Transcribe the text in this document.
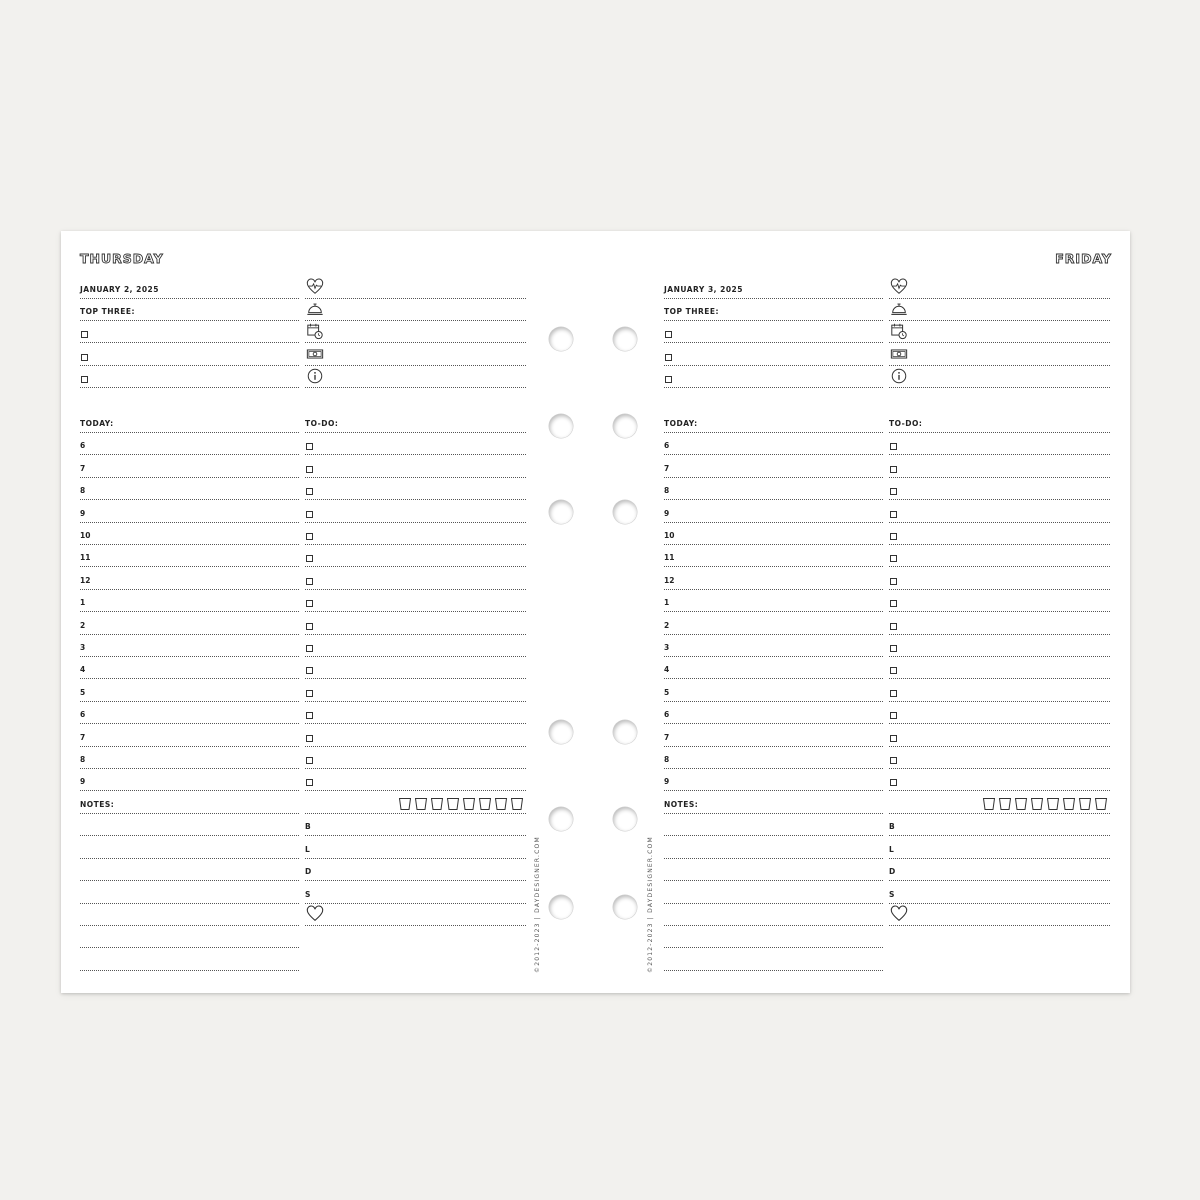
THURSDAY
JANUARY 2, 2025
TOP THREE:
TODAY:
6
7
8
9
10
11
12
1
2
3
4
5
6
7
8
9
NOTES:
TO-DO:
B
L
D
S
FRIDAY
JANUARY 3, 2025
TOP THREE:
TODAY:
6
7
8
9
10
11
12
1
2
3
4
5
6
7
8
9
NOTES:
TO-DO:
B
L
D
S
©2012-2023 | DAYDESIGNER.COM	©2012-2023 | DAYDESIGNER.COM
